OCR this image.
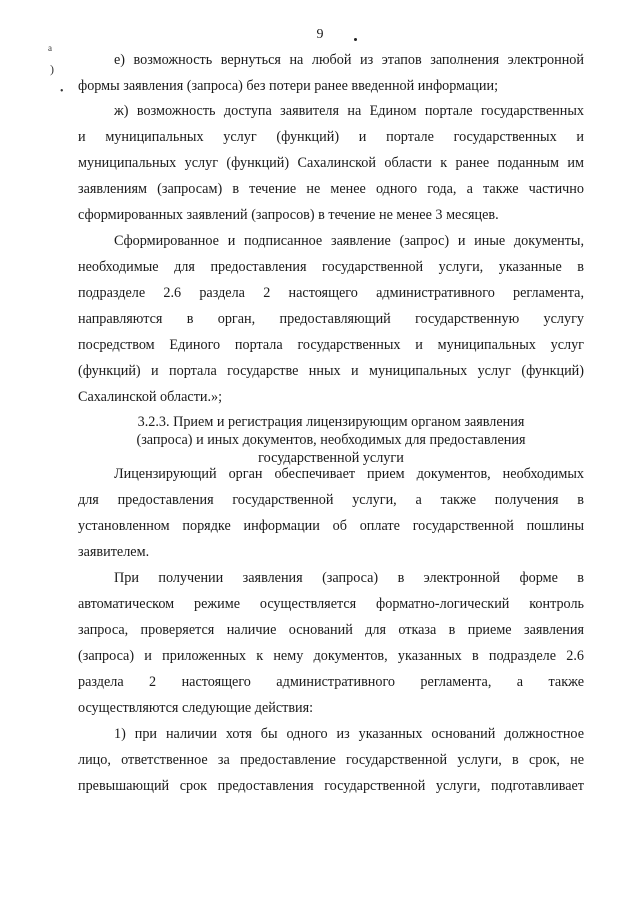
9
a
)
•
е) возможность вернуться на любой из этапов заполнения электронной
формы заявления (запроса) без потери ранее введенной информации;
ж) возможность доступа заявителя на Едином портале государственных
и муниципальных услуг (функций) и портале государственных и
муниципальных услуг (функций) Сахалинской области к ранее поданным им
заявлениям (запросам) в течение не менее одного года, а также частично
сформированных заявлений (запросов) в течение не менее 3 месяцев.
Сформированное и подписанное заявление (запрос) и иные документы,
необходимые для предоставления государственной услуги, указанные в
подразделе 2.6 раздела 2 настоящего административного регламента,
направляются в орган, предоставляющий государственную услугу
посредством Единого портала государственных и муниципальных услуг
(функций) и портала государстве нных и муниципальных услуг (функций)
Сахалинской области.»;
3.2.3. Прием и регистрация лицензирующим органом заявления
(запроса) и иных документов, необходимых для предоставления
государственной услуги
Лицензирующий орган обеспечивает прием документов, необходимых
для предоставления государственной услуги, а также получения в
установленном порядке информации об оплате государственной пошлины
заявителем.
При получении заявления (запроса) в электронной форме в
автоматическом режиме осуществляется форматно-логический контроль
запроса, проверяется наличие оснований для отказа в приеме заявления
(запроса) и приложенных к нему документов, указанных в подразделе 2.6
раздела 2 настоящего административного регламента, а также
осуществляются следующие действия:
1) при наличии хотя бы одного из указанных оснований должностное
лицо, ответственное за предоставление государственной услуги, в срок, не
превышающий срок предоставления государственной услуги, подготавливает
